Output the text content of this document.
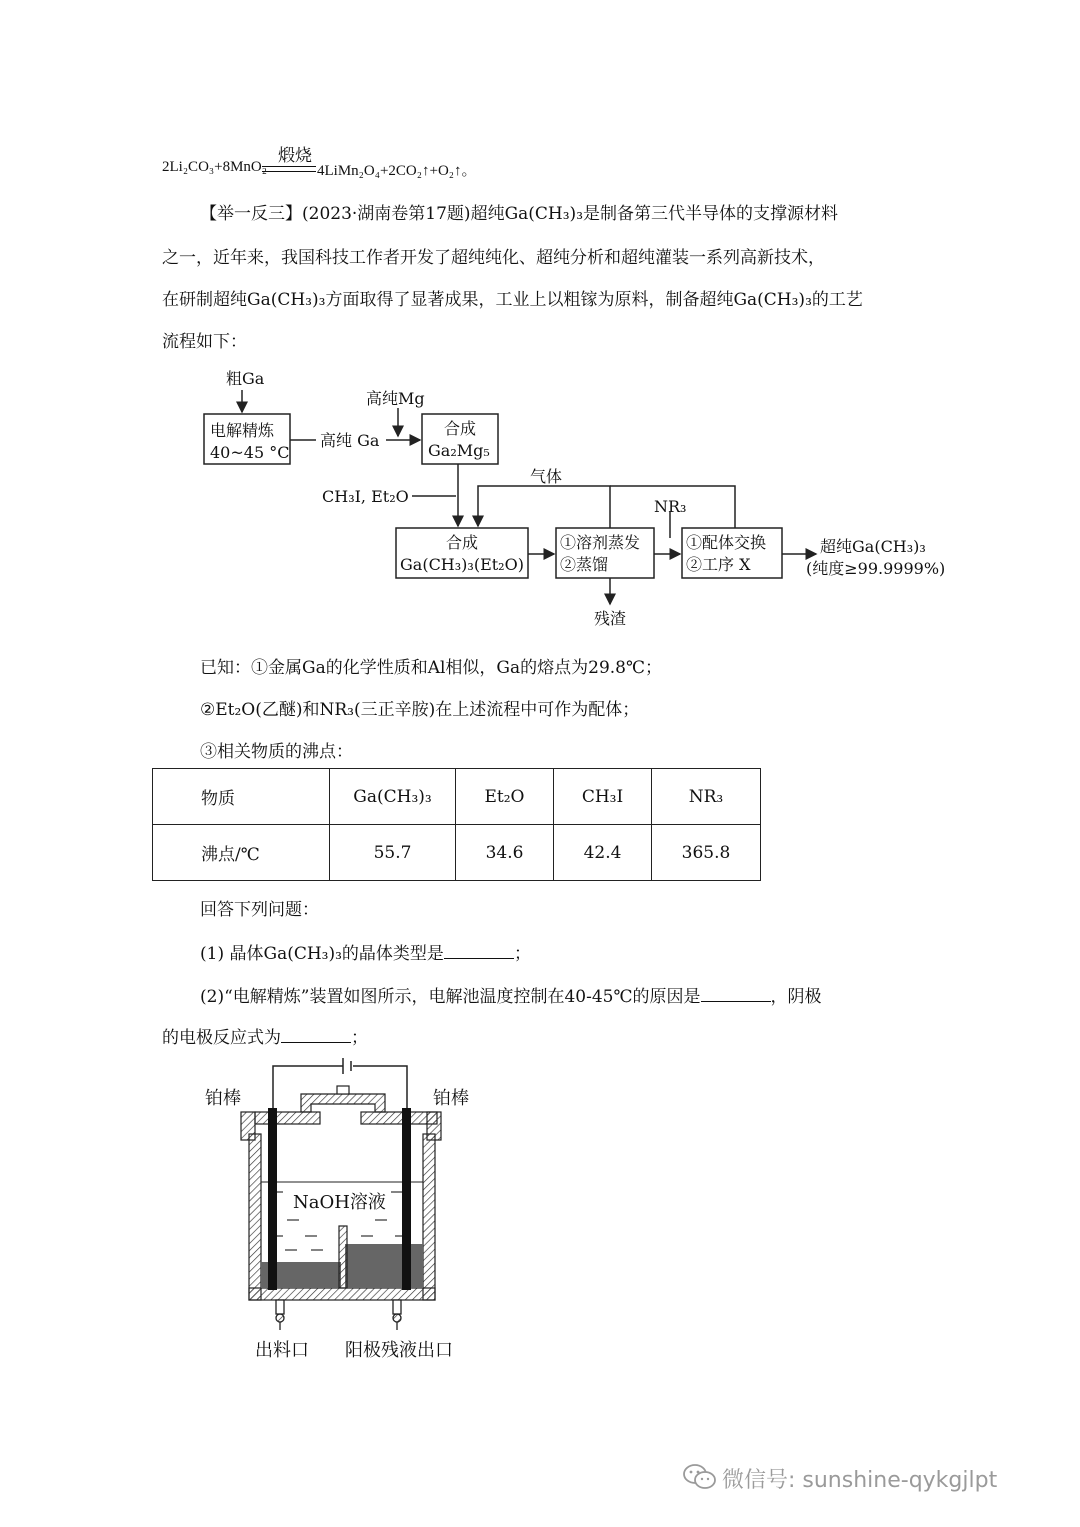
煅烧
2Li₂CO₃+8MnO₂	4LiMn₂O₄+2CO₂↑+O₂↑。
【举一反三】(2023·湖南卷第17题)超纯Ga(CH₃)₃是制备第三代半导体的支撑源材料
之一，近年来，我国科技工作者开发了超纯纯化、超纯分析和超纯灌装一系列高新技术，
在研制超纯Ga(CH₃)₃方面取得了显著成果，工业上以粗镓为原料，制备超纯Ga(CH₃)₃的工艺
流程如下：
粗Ga
电解精炼
40~45 °C
高纯 Ga
高纯Mg
合成
Ga₂Mg₅
CH₃I, Et₂O
气体
NR₃
合成
Ga(CH₃)₃(Et₂O)
①溶剂蒸发
②蒸馏
①配体交换
②工序 X
超纯Ga(CH₃)₃
(纯度≥99.9999%)
残渣
已知：①金属Ga的化学性质和Al相似，Ga的熔点为29.8℃；
②Et₂O(乙醚)和NR₃(三正辛胺)在上述流程中可作为配体；
③相关物质的沸点：
物质	Ga(CH₃)₃	Et₂O	CH₃I	NR₃
沸点/℃	55.7	34.6	42.4	365.8
回答下列问题：
(1) 晶体Ga(CH₃)₃的晶体类型是	；
(2)“电解精炼”装置如图所示，电解池温度控制在40-45℃的原因是	，阴极
的电极反应式为	；
铂棒	铂棒
NaOH溶液
出料口 阳极残液出口
微信号: sunshine-qykgjlpt
